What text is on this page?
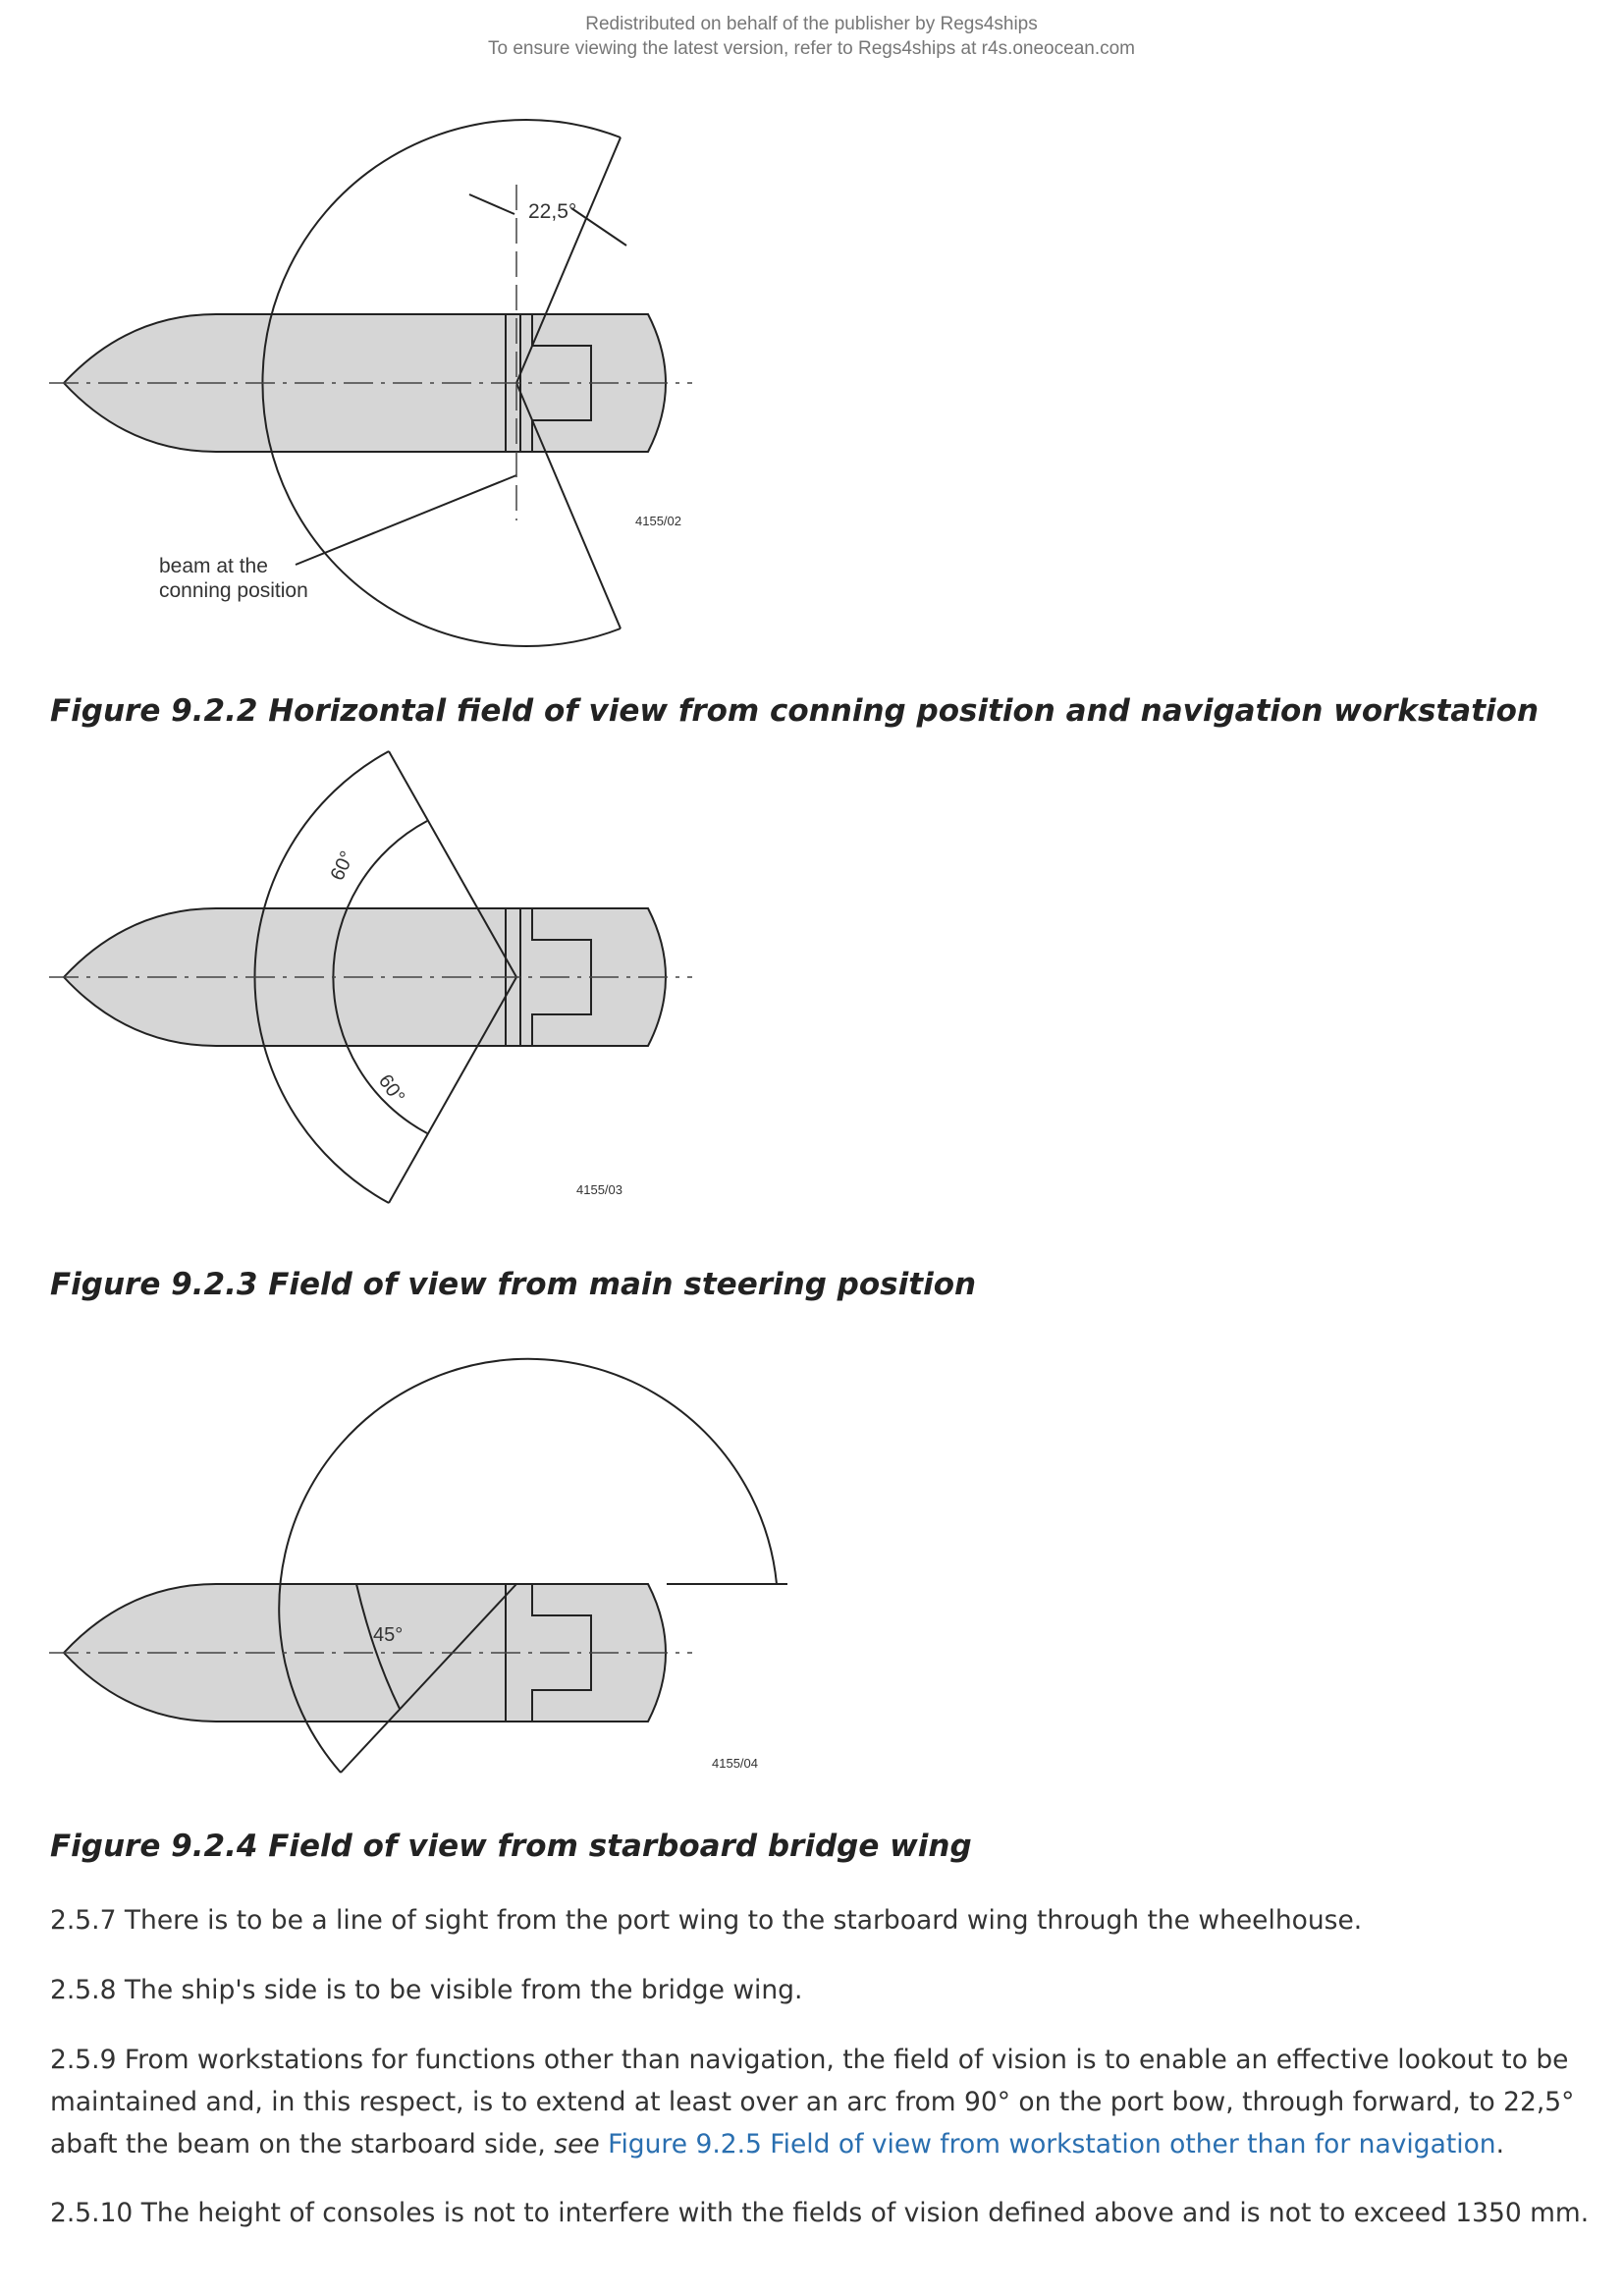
Redistributed on behalf of the publisher by Regs4ships
To ensure viewing the latest version, refer to Regs4ships at r4s.oneocean.com
22,5°
4155/02
beam at the
conning position
Figure 9.2.2 Horizontal field of view from conning position and navigation workstation
60°
60°
4155/03
Figure 9.2.3 Field of view from main steering position
45°
4155/04
Figure 9.2.4 Field of view from starboard bridge wing

2.5.7 There is to be a line of sight from the port wing to the starboard wing through the wheelhouse.

2.5.8 The ship's side is to be visible from the bridge wing.

2.5.9 From workstations for functions other than navigation, the field of vision is to enable an effective lookout to be maintained and, in this respect, is to extend at least over an arc from 90° on the port bow, through forward, to 22,5° abaft the beam on the starboard side, see Figure 9.2.5 Field of view from workstation other than for navigation.

2.5.10 The height of consoles is not to interfere with the fields of vision defined above and is not to exceed 1350 mm.
